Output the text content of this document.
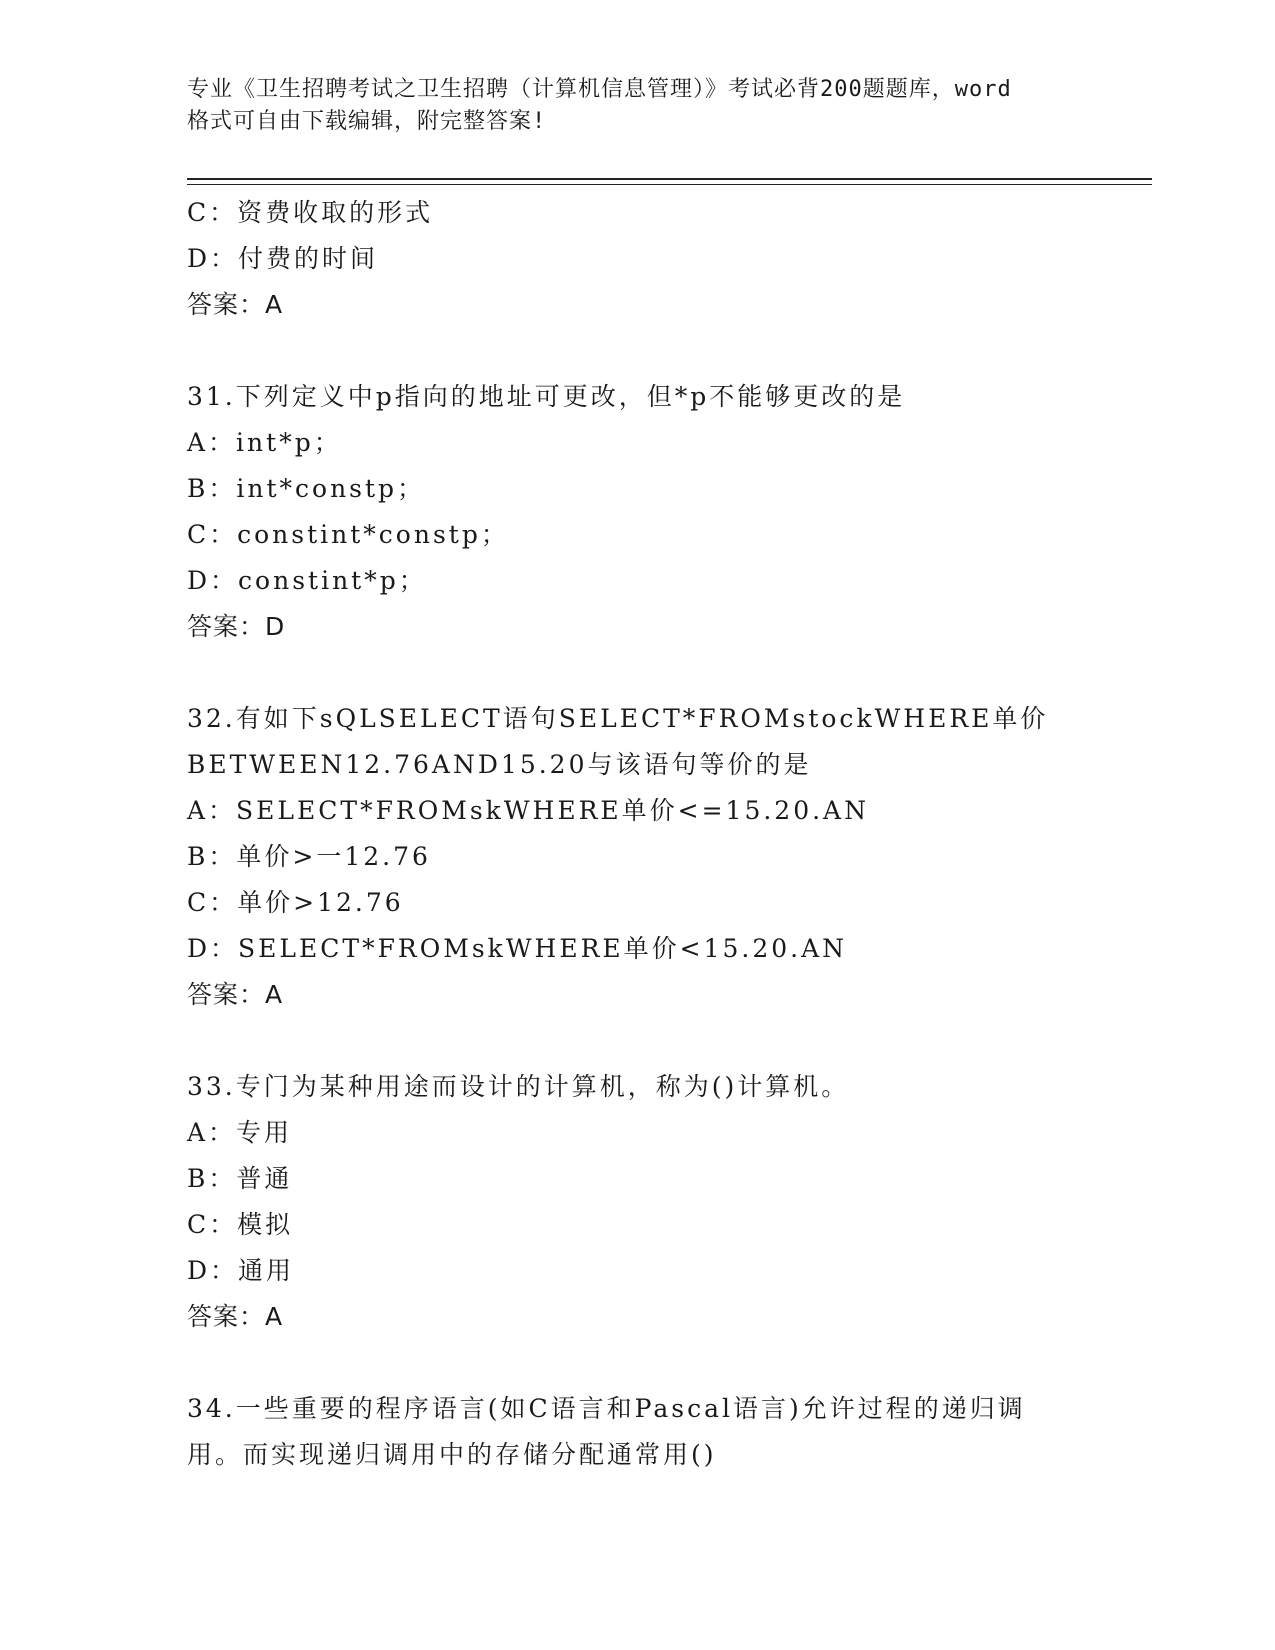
专业《卫生招聘考试之卫生招聘（计算机信息管理）》考试必背200题题库，word
格式可自由下载编辑，附完整答案!
C：资费收取的形式
D：付费的时间
答案：A
31.下列定义中p指向的地址可更改，但*p不能够更改的是
A：int*p；
B：int*constp；
C：constint*constp；
D：constint*p；
答案：D
32.有如下sQLSELECT语句SELECT*FROMstockWHERE单价
BETWEEN12.76AND15.20与该语句等价的是
A：SELECT*FROMskWHERE单价<=15.20.AN
B：单价>一12.76
C：单价>12.76
D：SELECT*FROMskWHERE单价<15.20.AN
答案：A
33.专门为某种用途而设计的计算机，称为()计算机。
A：专用
B：普通
C：模拟
D：通用
答案：A
34.一些重要的程序语言(如C语言和Pascal语言)允许过程的递归调
用。而实现递归调用中的存储分配通常用()
